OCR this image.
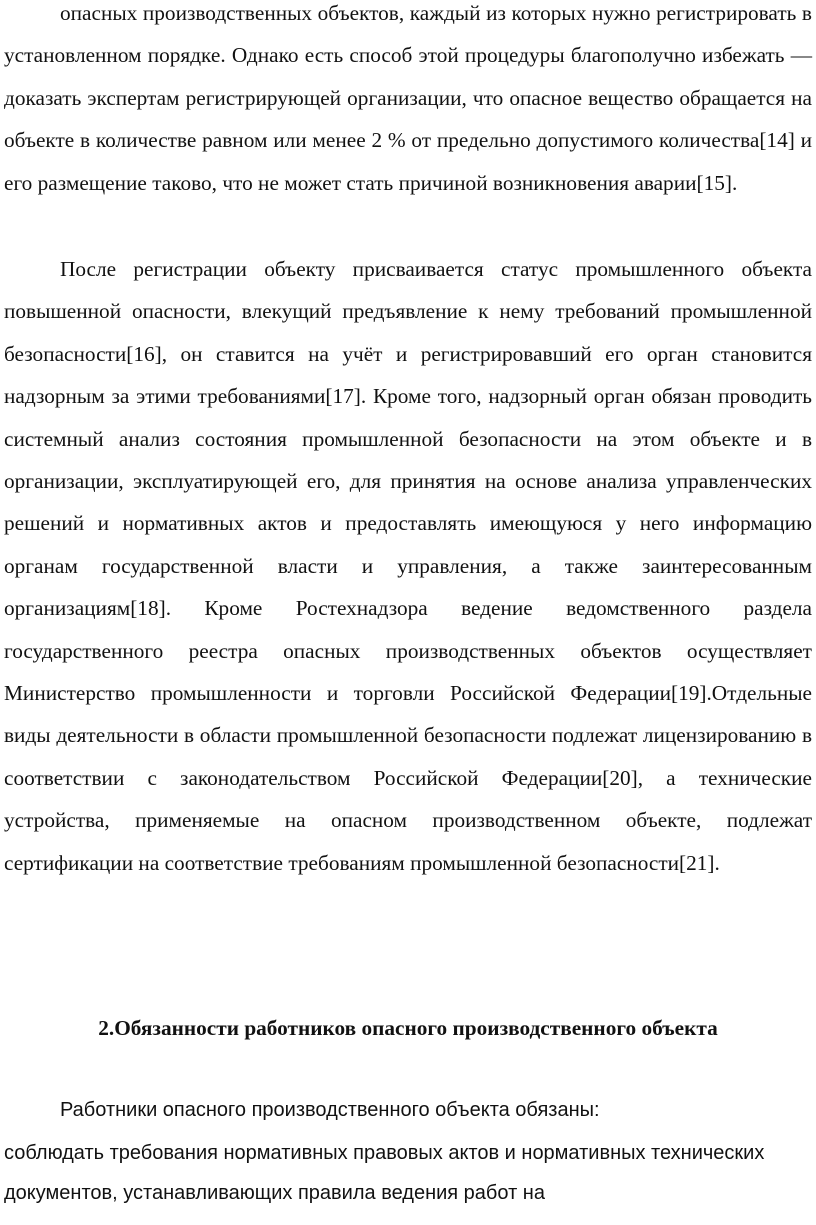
опасных производственных объектов, каждый из которых нужно регистрировать в установленном порядке. Однако есть способ этой процедуры благополучно избежать — доказать экспертам регистрирующей организации, что опасное вещество обращается на объекте в количестве равном или менее 2 % от предельно допустимого количества[14] и его размещение таково, что не может стать причиной возникновения аварии[15].

После регистрации объекту присваивается статус промышленного объекта повышенной опасности, влекущий предъявление к нему требований промышленной безопасности[16], он ставится на учёт и регистрировавший его орган становится надзорным за этими требованиями[17]. Кроме того, надзорный орган обязан проводить системный анализ состояния промышленной безопасности на этом объекте и в организации, эксплуатирующей его, для принятия на основе анализа управленческих решений и нормативных актов и предоставлять имеющуюся у него информацию органам государственной власти и управления, а также заинтересованным организациям[18]. Кроме Ростехнадзора ведение ведомственного раздела государственного реестра опасных производственных объектов осуществляет Министерство промышленности и торговли Российской Федерации[19].Отдельные виды деятельности в области промышленной безопасности подлежат лицензированию в соответствии с законодательством Российской Федерации[20], а технические устройства, применяемые на опасном производственном объекте, подлежат сертификации на соответствие требованиям промышленной безопасности[21].

2.Обязанности работников опасного производственного объекта

Работники опасного производственного объекта обязаны:

соблюдать требования нормативных правовых актов и нормативных технических документов, устанавливающих правила ведения работ на
